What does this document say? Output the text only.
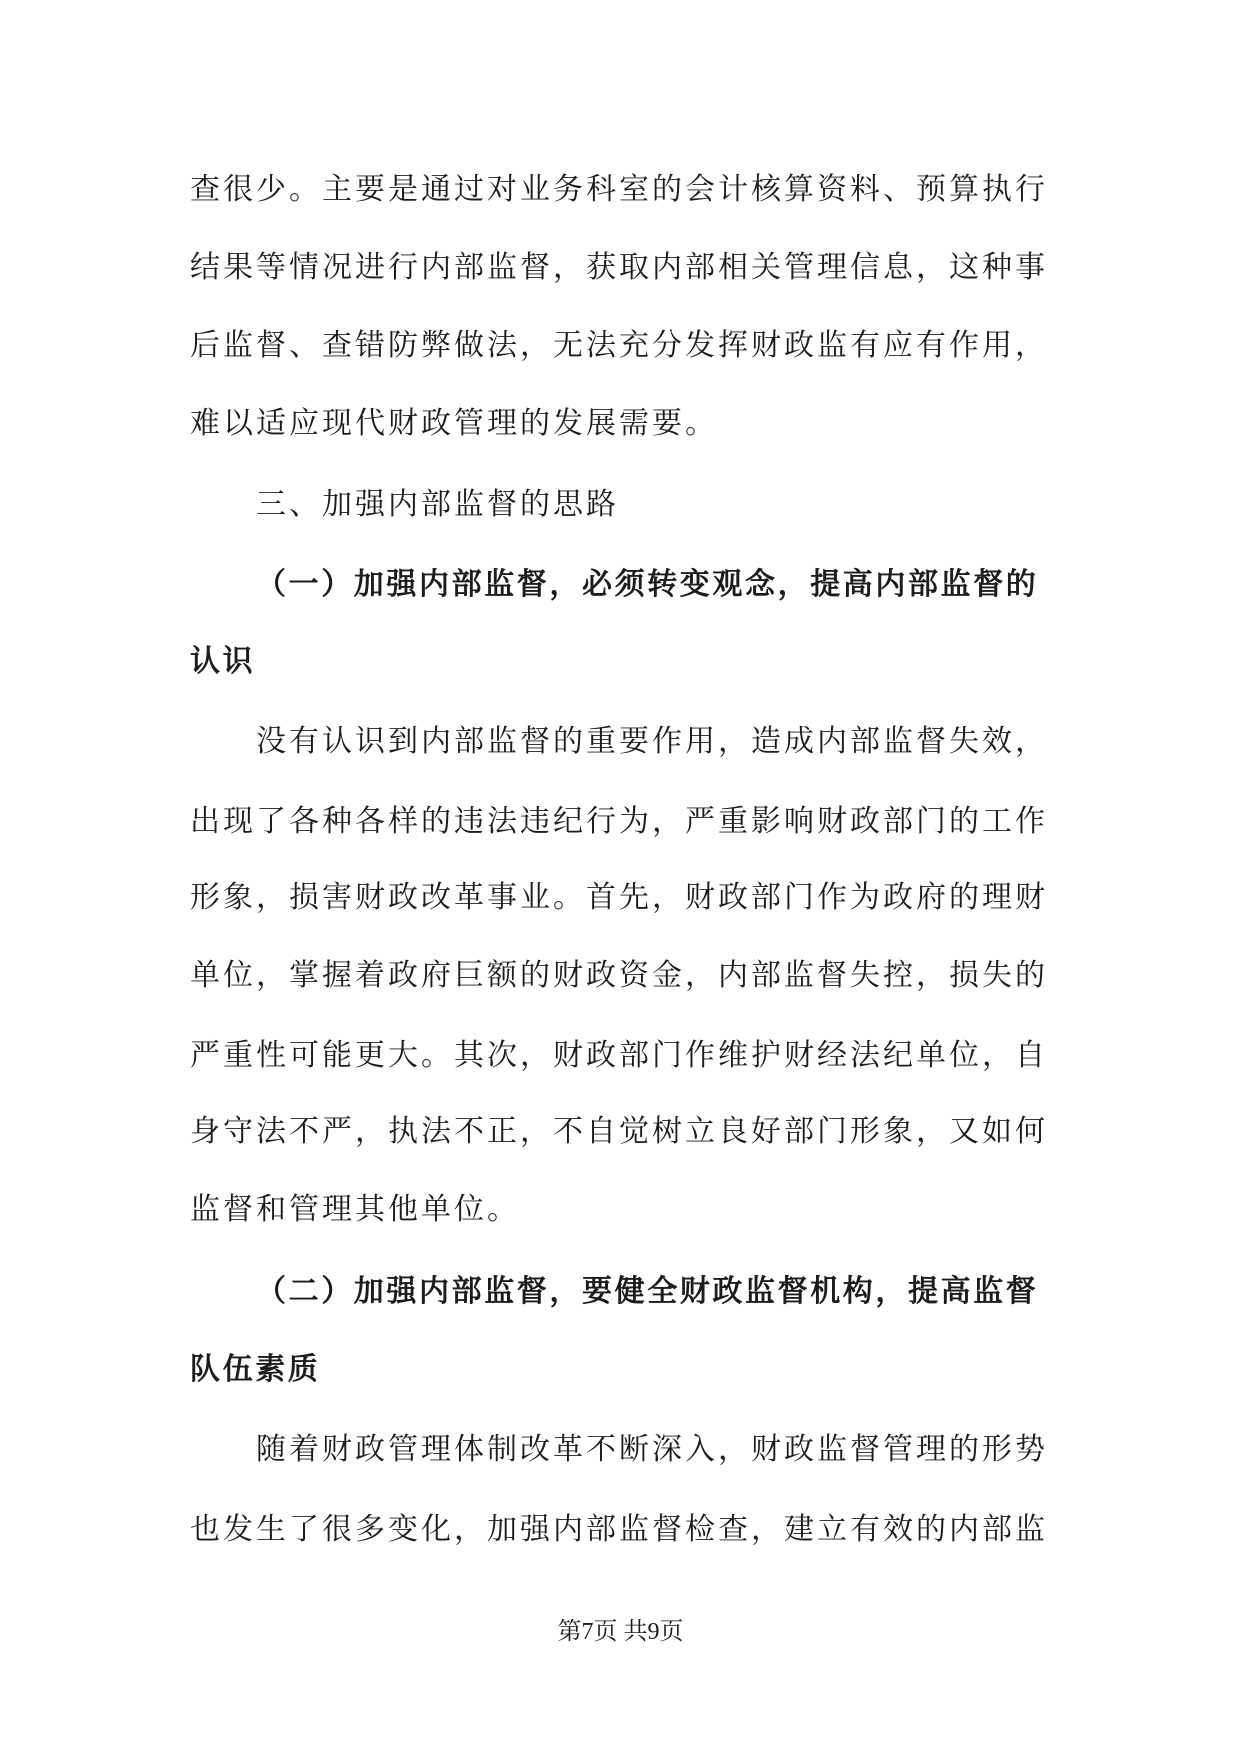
查很少。主要是通过对业务科室的会计核算资料、预算执行
结果等情况进行内部监督，获取内部相关管理信息，这种事
后监督、查错防弊做法，无法充分发挥财政监有应有作用，
难以适应现代财政管理的发展需要。
三、加强内部监督的思路
（一）加强内部监督，必须转变观念，提高内部监督的
认识
没有认识到内部监督的重要作用，造成内部监督失效，
出现了各种各样的违法违纪行为，严重影响财政部门的工作
形象，损害财政改革事业。首先，财政部门作为政府的理财
单位，掌握着政府巨额的财政资金，内部监督失控，损失的
严重性可能更大。其次，财政部门作维护财经法纪单位，自
身守法不严，执法不正，不自觉树立良好部门形象，又如何
监督和管理其他单位。
（二）加强内部监督，要健全财政监督机构，提高监督
队伍素质
随着财政管理体制改革不断深入，财政监督管理的形势
也发生了很多变化，加强内部监督检查，建立有效的内部监
第7页 共9页
